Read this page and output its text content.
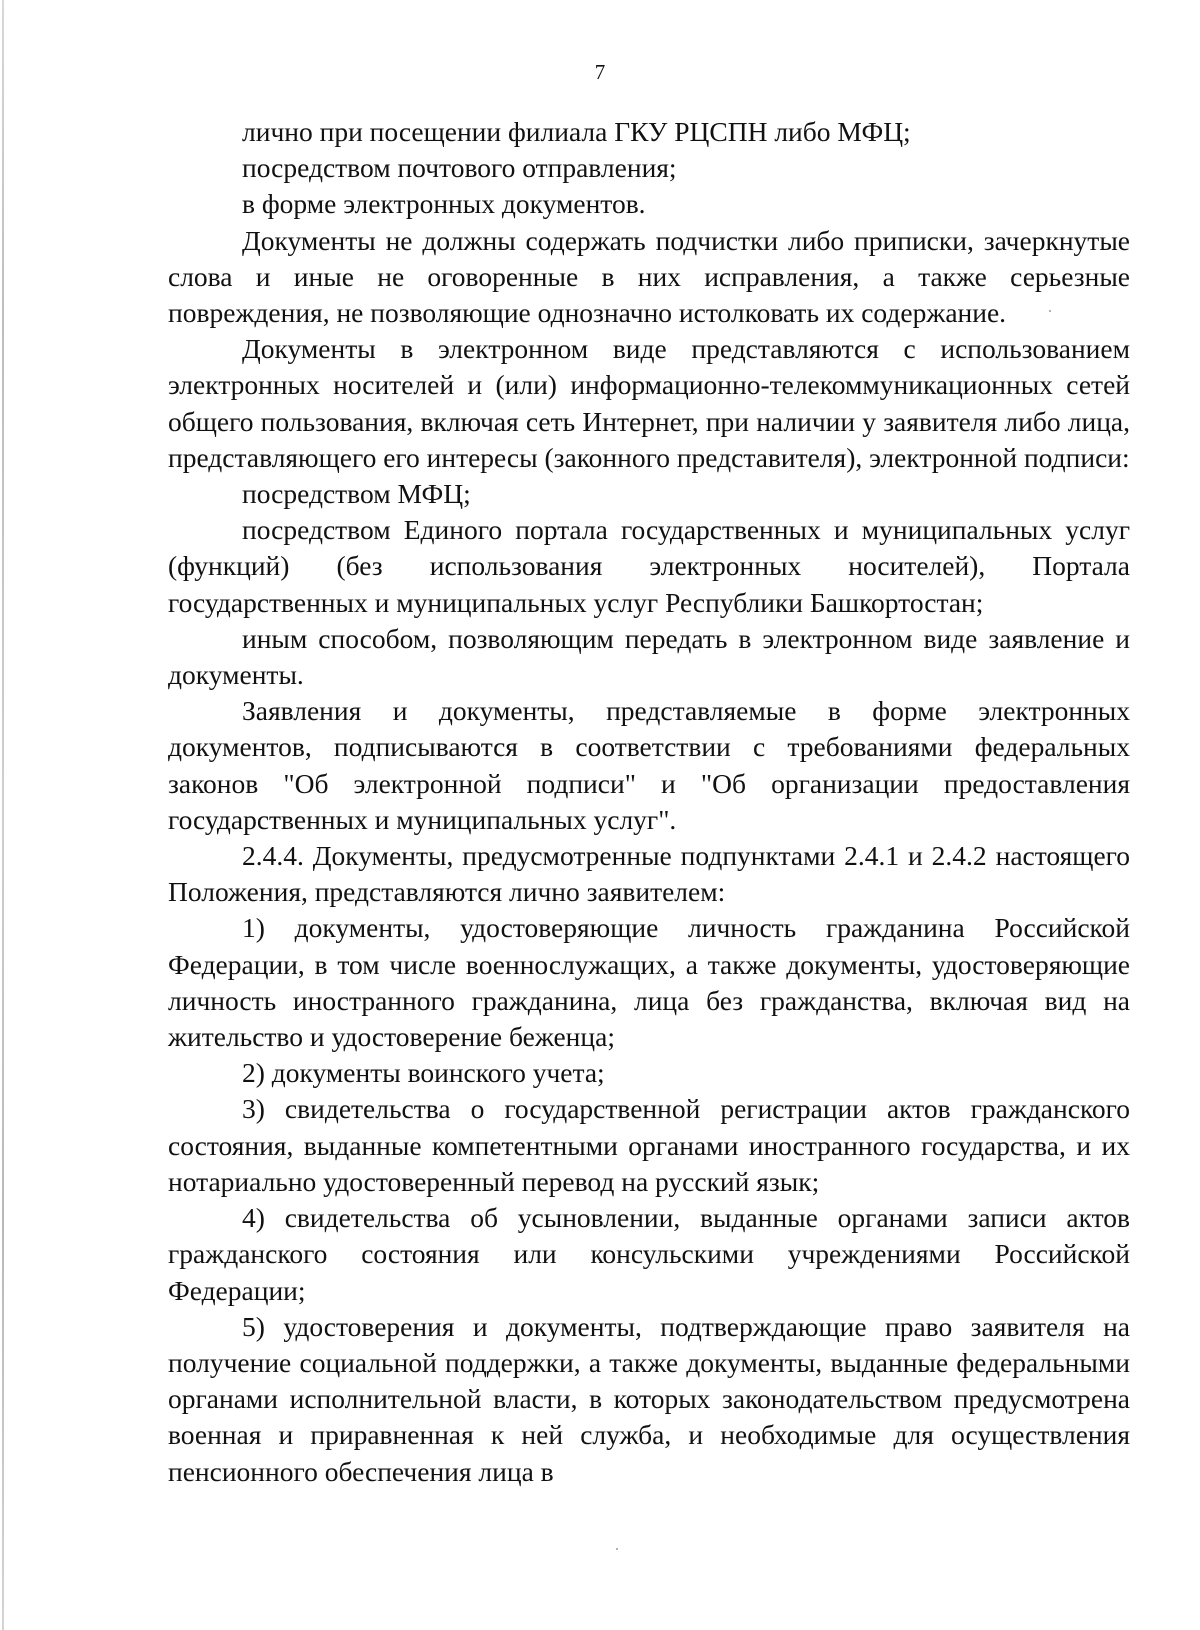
7

лично при посещении филиала ГКУ РЦСПН либо МФЦ;

посредством почтового отправления;

в форме электронных документов.

Документы не должны содержать подчистки либо приписки, зачеркнутые слова и иные не оговоренные в них исправления, а также серьезные повреждения, не позволяющие однозначно истолковать их содержание.

Документы в электронном виде представляются с использованием электронных носителей и (или) информационно-телекоммуникационных сетей общего пользования, включая сеть Интернет, при наличии у заявителя либо лица, представляющего его интересы (законного представителя), электронной подписи:

посредством МФЦ;

посредством Единого портала государственных и муниципальных услуг (функций) (без использования электронных носителей), Портала государственных и муниципальных услуг Республики Башкортостан;

иным способом, позволяющим передать в электронном виде заявление и документы.

Заявления и документы, представляемые в форме электронных документов, подписываются в соответствии с требованиями федеральных законов "Об электронной подписи" и "Об организации предоставления государственных и муниципальных услуг".

2.4.4. Документы, предусмотренные подпунктами 2.4.1 и 2.4.2 настоящего Положения, представляются лично заявителем:

1) документы, удостоверяющие личность гражданина Российской Федерации, в том числе военнослужащих, а также документы, удостоверяющие личность иностранного гражданина, лица без гражданства, включая вид на жительство и удостоверение беженца;

2) документы воинского учета;

3) свидетельства о государственной регистрации актов гражданского состояния, выданные компетентными органами иностранного государства, и их нотариально удостоверенный перевод на русский язык;

4) свидетельства об усыновлении, выданные органами записи актов гражданского состояния или консульскими учреждениями Российской Федерации;

5) удостоверения и документы, подтверждающие право заявителя на получение социальной поддержки, а также документы, выданные федеральными органами исполнительной власти, в которых законодательством предусмотрена военная и приравненная к ней служба, и необходимые для осуществления пенсионного обеспечения лица в
